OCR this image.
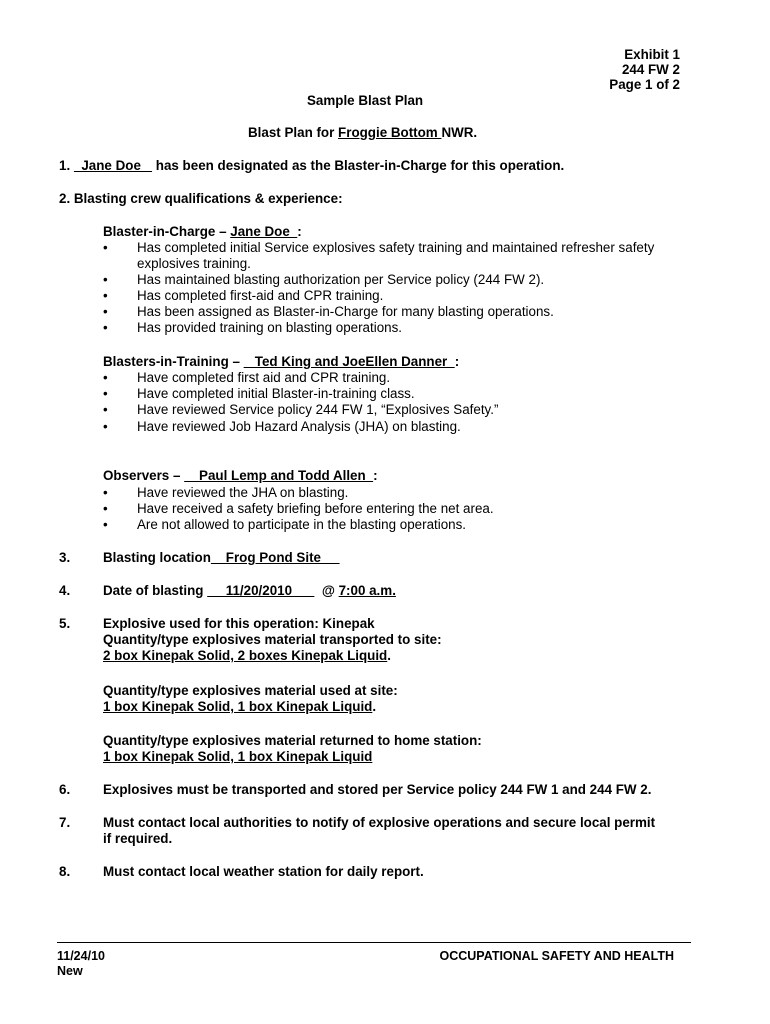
Exhibit 1
244 FW 2
Page 1 of 2
Sample Blast Plan
Blast Plan for Froggie Bottom NWR.
1.   Jane Doe    has been designated as the Blaster-in-Charge for this operation.
2. Blasting crew qualifications & experience:
Blaster-in-Charge – Jane Doe  :
• Has completed initial Service explosives safety training and maintained refresher safety
explosives training.
• Has maintained blasting authorization per Service policy (244 FW 2).
• Has completed first-aid and CPR training.
• Has been assigned as Blaster-in-Charge for many blasting operations.
• Has provided training on blasting operations.
Blasters-in-Training –    Ted King and JoeEllen Danner  :
• Have completed first aid and CPR training.
• Have completed initial Blaster-in-training class.
• Have reviewed Service policy 244 FW 1, “Explosives Safety.”
• Have reviewed Job Hazard Analysis (JHA) on blasting.
Observers –     Paul Lemp and Todd Allen  :
• Have reviewed the JHA on blasting.
• Have received a safety briefing before entering the net area.
• Are not allowed to participate in the blasting operations.
3. Blasting location    Frog Pond Site
4. Date of blasting      11/20/2010        @ 7:00 a.m.
5. Explosive used for this operation: Kinepak
Quantity/type explosives material transported to site:
2 box Kinepak Solid, 2 boxes Kinepak Liquid.
Quantity/type explosives material used at site:
1 box Kinepak Solid, 1 box Kinepak Liquid.
Quantity/type explosives material returned to home station:
1 box Kinepak Solid, 1 box Kinepak Liquid
6. Explosives must be transported and stored per Service policy 244 FW 1 and 244 FW 2.
7. Must contact local authorities to notify of explosive operations and secure local permit
if required.
8. Must contact local weather station for daily report.
11/24/10
New
OCCUPATIONAL SAFETY AND HEALTH
